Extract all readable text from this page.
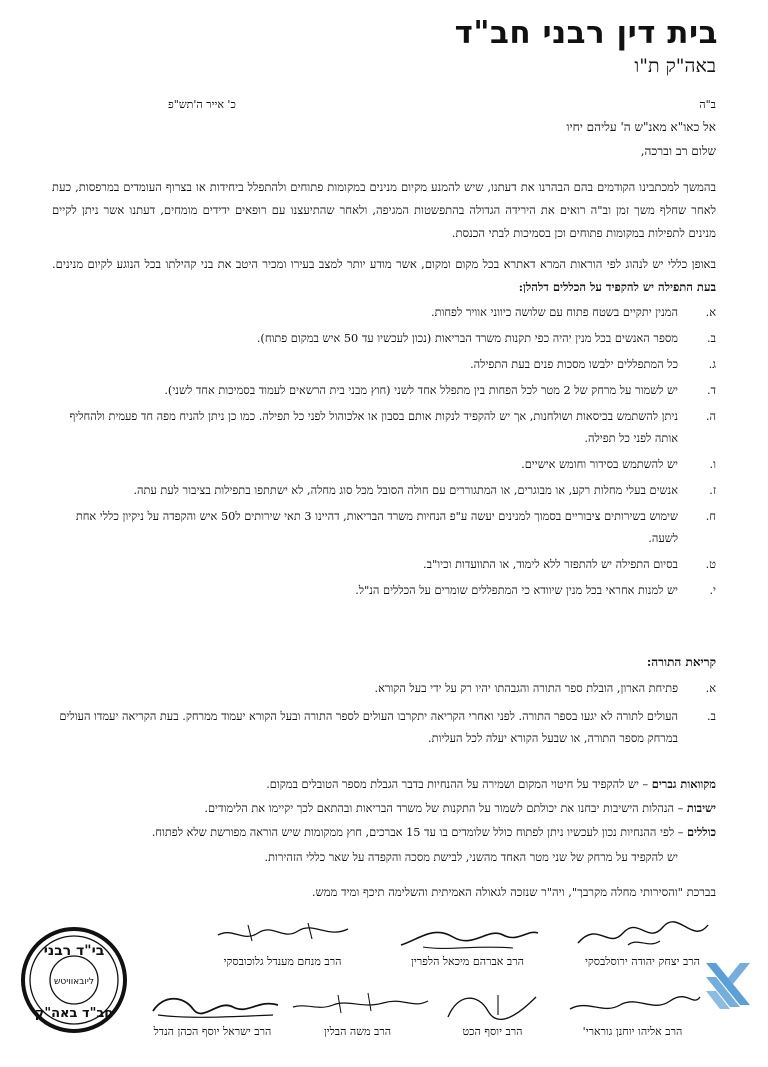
בית דין רבני חב"ד
באה"ק ת"ו
ב"ה
כ' אייר ה'תש"פ
אל כאו"א מאנ"ש ה' עליהם יחיו
שלום רב וברכה,
בהמשך למכתבינו הקודמים בהם הבהרנו את דעתנו, שיש להמנע מקיום מנינים במקומות פתוחים ולהתפלל ביחידות או בצרוף העומדים במרפסות, כעת לאחר שחלף משך זמן וב"ה רואים את הירידה הגדולה בהתפשטות המגיפה, ולאחר שהתיעצנו עם רופאים ידידים מומחים, דעתנו אשר ניתן לקיים מנינים לתפילות במקומות פתוחים וכן בסמיכות לבתי הכנסת.
באופן כללי יש לנהוג לפי הוראות המרא דאתרא בכל מקום ומקום, אשר מודע יותר למצב בעירו ומכיר היטב את בני קהילתו בכל הנוגע לקיום מנינים. בעת התפילה יש להקפיד על הכללים דלהלן:
א.
המנין יתקיים בשטח פתוח עם שלושה כיווני אוויר לפחות.
ב.
מספר האנשים בכל מנין יהיה כפי תקנות משרד הבריאות (נכון לעכשיו עד 50 איש במקום פתוח).
ג.
כל המתפללים ילבשו מסכות פנים בעת התפילה.
ד.
יש לשמור על מרחק של 2 מטר לכל הפחות בין מתפלל אחד לשני (חוץ מבני בית הרשאים לעמוד בסמיכות אחד לשני).
ה.
ניתן להשתמש בכיסאות ושולחנות, אך יש להקפיד לנקות אותם בסבון או אלכוהול לפני כל תפילה. כמו כן ניתן להניח מפה חד פעמית ולהחליף אותה לפני כל תפילה.
ו.
יש להשתמש בסידור וחומש אישיים.
ז.
אנשים בעלי מחלות רקע, או מבוגרים, או המתגוררים עם חולה הסובל מכל סוג מחלה, לא ישתתפו בתפילות בציבור לעת עתה.
ח.
שימוש בשירותים ציבוריים בסמוך למנינים יעשה ע"פ הנחיות משרד הבריאות, דהיינו 3 תאי שירותים ל50 איש והקפדה על ניקיון כללי אחת לשעה.
ט.
בסיום התפילה יש להתפזר ללא לימוד, או התוועדות וכיו"ב.
י.
יש למנות אחראי בכל מנין שיוודא כי המתפללים שומרים על הכללים הנ"ל.
קריאת התורה:
א.
פתיחת הארון, הובלת ספר התורה והגבהתו יהיו רק על ידי בעל הקורא.
ב.
העולים לתורה לא יגעו בספר התורה. לפני ואחרי הקריאה יתקרבו העולים לספר התורה ובעל הקורא יעמוד ממרחק. בעת הקריאה יעמדו העולים במרחק מספר התורה, או שבעל הקורא יעלה לכל העליות.
מקוואות גברים – יש להקפיד על חיטוי המקום ושמירה על ההנחיות בדבר הגבלת מספר הטובלים במקום.
ישיבות – הנהלות הישיבות יבחנו את יכולתם לשמור על התקנות של משרד הבריאות ובהתאם לכך יקיימו את הלימודים.
כוללים – לפי ההנחיות נכון לעכשיו ניתן לפתוח כולל שלומדים בו עד 15 אברכים, חוץ ממקומות שיש הוראה מפורשת שלא לפתוח.
יש להקפיד על מרחק של שני מטר האחד מהשני, לבישת מסכה והקפדה על שאר כללי הזהירות.
בברכת "והסירותי מחלה מקרבך", ויה"ר שנזכה לגאולה האמיתית והשלימה תיכף ומיד ממש.
הרב יצחק יהודה ירוסלבסקי
הרב אברהם מיכאל הלפרין
הרב מנחם מענדל גלוכובסקי
הרב אליהו יוחנן גורארי'
הרב יוסף הכט
הרב משה הבלין
הרב ישראל יוסף הכהן הנדל
בי"ד רבני
ליובאוויטש
חב"ד באה"ק
